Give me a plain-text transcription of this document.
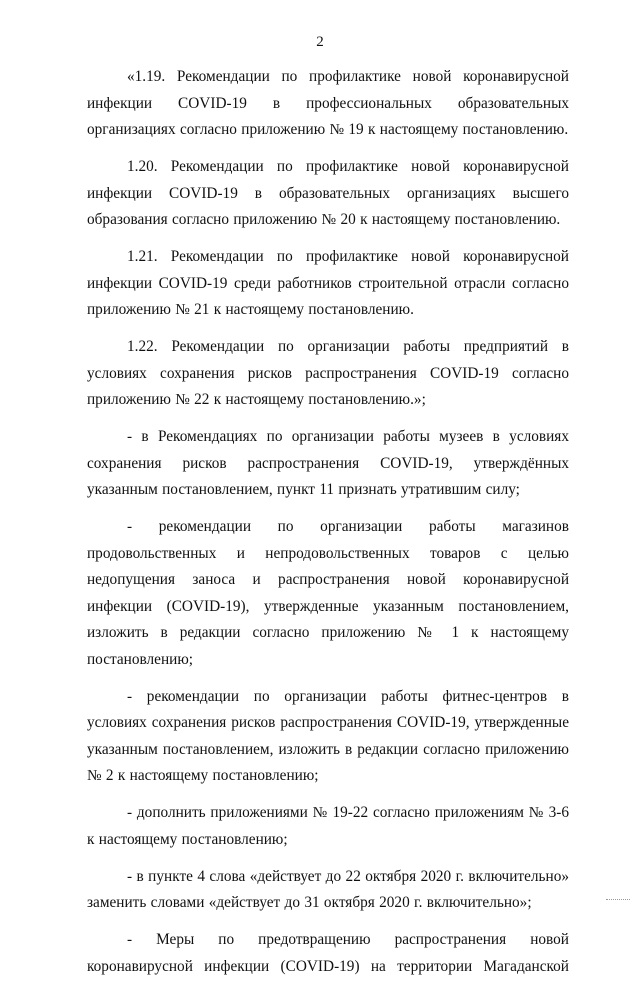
2

«1.19. Рекомендации по профилактике новой коронавирусной инфекции COVID-19 в профессиональных образовательных организациях согласно приложению № 19 к настоящему постановлению.

1.20. Рекомендации по профилактике новой коронавирусной инфекции COVID-19 в образовательных организациях высшего образования согласно приложению № 20 к настоящему постановлению.

1.21. Рекомендации по профилактике новой коронавирусной инфекции COVID-19 среди работников строительной отрасли согласно приложению № 21 к настоящему постановлению.

1.22. Рекомендации по организации работы предприятий в условиях сохранения рисков распространения COVID-19 согласно приложению № 22 к настоящему постановлению.»;

- в Рекомендациях по организации работы музеев в условиях сохранения рисков распространения COVID-19, утверждённых указанным постановлением, пункт 11 признать утратившим силу;

- рекомендации по организации работы магазинов продовольственных и непродовольственных товаров с целью недопущения заноса и распространения новой коронавирусной инфекции (COVID-19), утвержденные указанным постановлением, изложить в редакции согласно приложению № 1 к настоящему постановлению;

- рекомендации по организации работы фитнес-центров в условиях сохранения рисков распространения COVID-19, утвержденные указанным постановлением, изложить в редакции согласно приложению № 2 к настоящему постановлению;

- дополнить приложениями № 19-22 согласно приложениям № 3-6 к настоящему постановлению;

- в пункте 4 слова «действует до 22 октября 2020 г. включительно» заменить словами «действует до 31 октября 2020 г. включительно»;

- Меры по предотвращению распространения новой коронавирусной инфекции (COVID-19) на территории Магаданской
